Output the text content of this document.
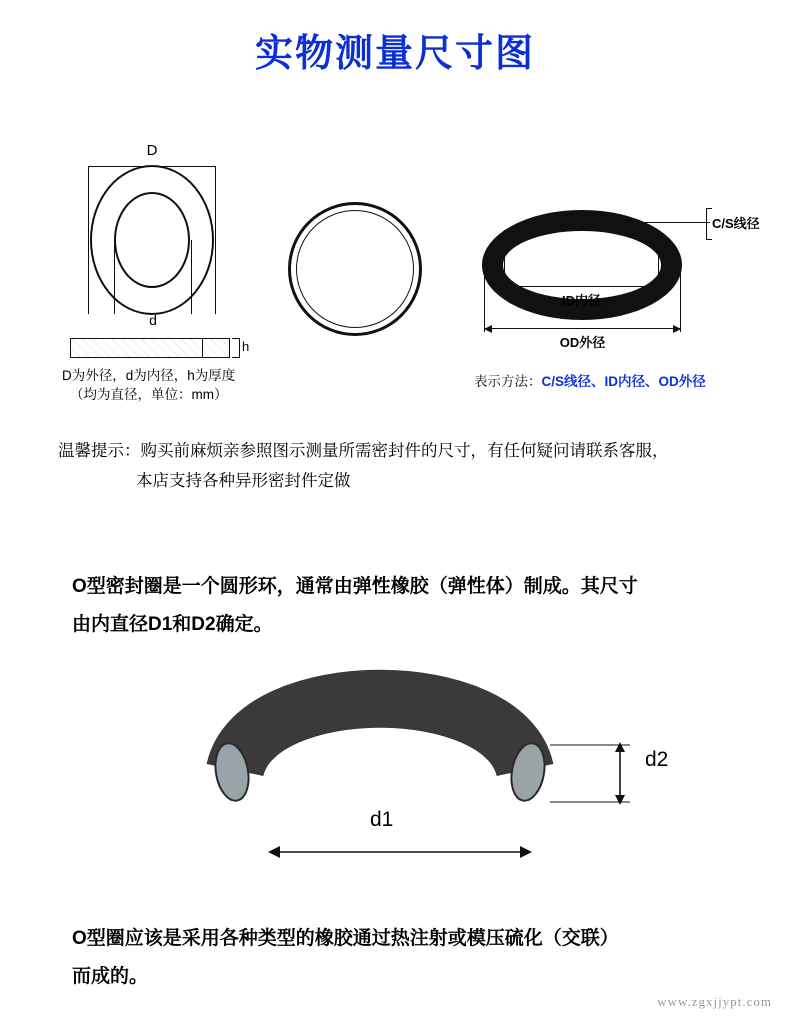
实物测量尺寸图
D
d
h
D为外径，d为内径，h为厚度
（均为直径，单位：mm）
C/S线径
ID内径
OD外径
表示方法：C/S线径、ID内径、OD外径
温馨提示：购买前麻烦亲参照图示测量所需密封件的尺寸，有任何疑问请联系客服，
本店支持各种异形密封件定做
O型密封圈是一个圆形环，通常由弹性橡胶（弹性体）制成。其尺寸
由内直径D1和D2确定。
d2
d1
O型圈应该是采用各种类型的橡胶通过热注射或模压硫化（交联）
而成的。
www.zgxjjypt.com
